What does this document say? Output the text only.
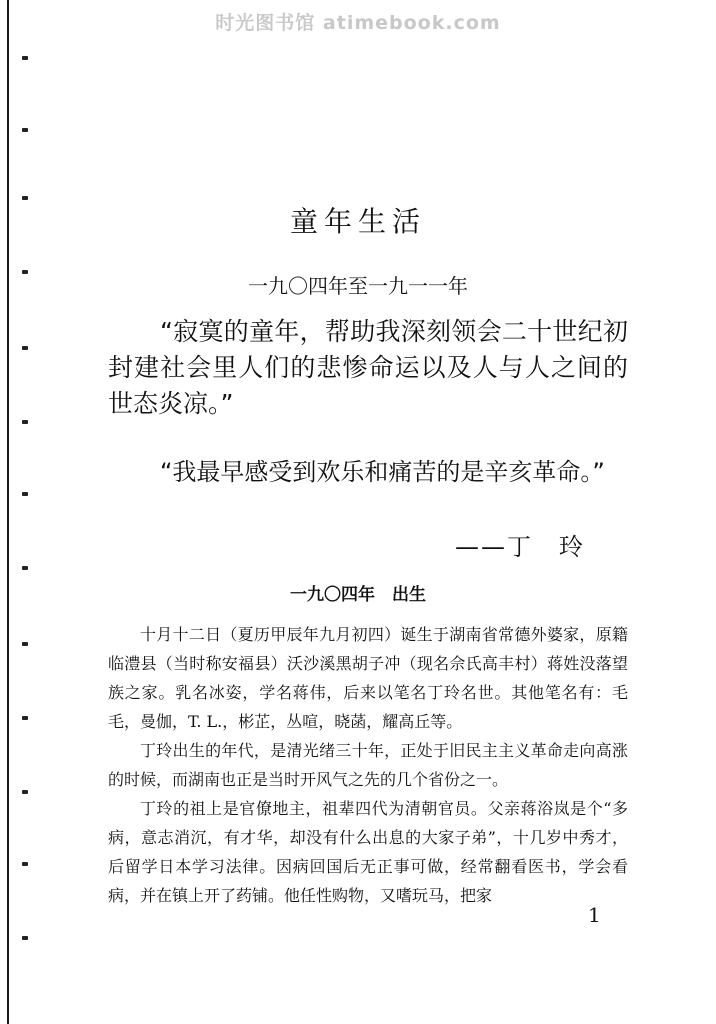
时光图书馆 atimebook.com
童年生活
一九〇四年至一九一一年

“寂寞的童年，帮助我深刻领会二十世纪初封建社会里人们的悲惨命运以及人与人之间的世态炎凉。”

“我最早感受到欢乐和痛苦的是辛亥革命。”

——丁　玲
一九〇四年　出生

十月十二日（夏历甲辰年九月初四）诞生于湖南省常德外婆家，原籍临澧县（当时称安福县）沃沙溪黑胡子冲（现名佘氏高丰村）蒋姓没落望族之家。乳名冰姿，学名蒋伟，后来以笔名丁玲名世。其他笔名有：毛毛，曼伽，T. L.，彬芷，丛喧，晓菡，耀高丘等。

丁玲出生的年代，是清光绪三十年，正处于旧民主主义革命走向高涨的时候，而湖南也正是当时开风气之先的几个省份之一。

丁玲的祖上是官僚地主，祖辈四代为清朝官员。父亲蒋浴岚是个“多病，意志消沉，有才华，却没有什么出息的大家子弟”，十几岁中秀才，后留学日本学习法律。因病回国后无正事可做，经常翻看医书，学会看病，并在镇上开了药铺。他任性购物，又嗜玩马，把家

1
